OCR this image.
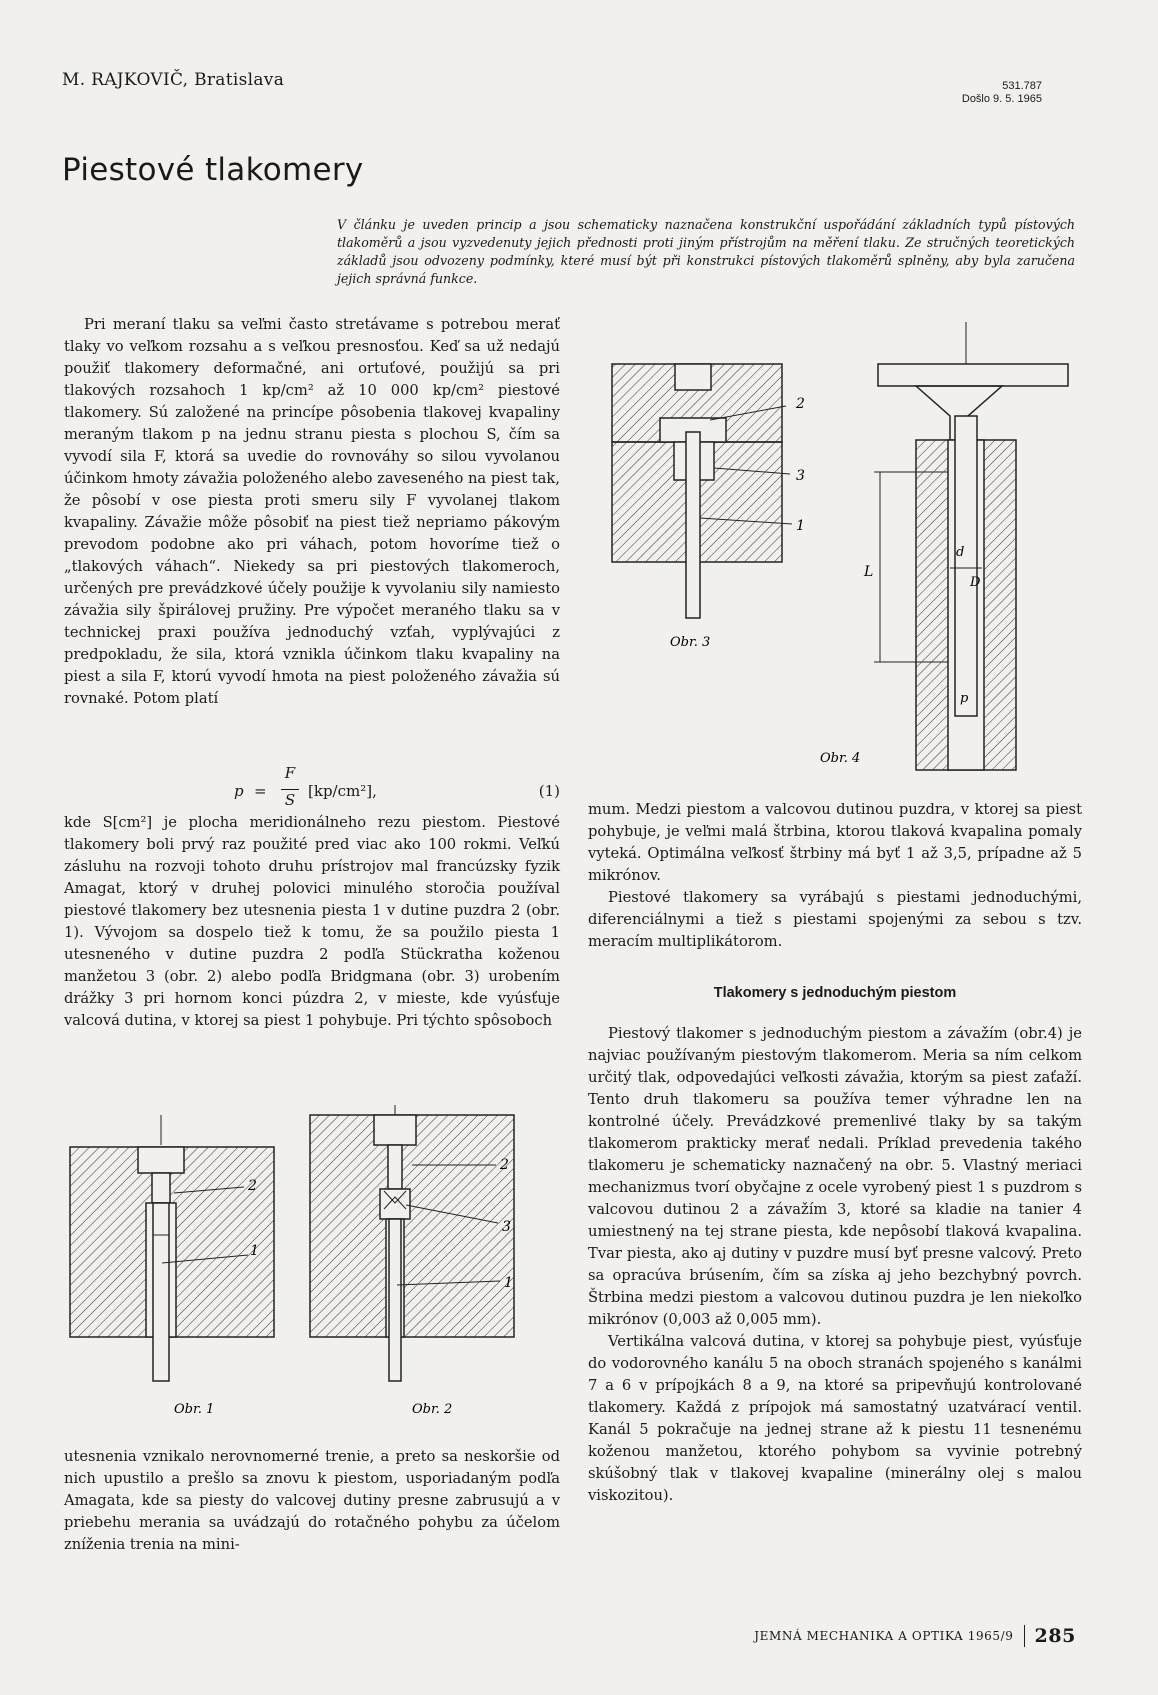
M. RAJKOVIČ, Bratislava	531.787
Došlo 9. 5. 1965
Piestové tlakomery
V článku je uveden princip a jsou schematicky naznačena konstrukční uspořádání základních typů pístových tlakoměrů a jsou vyzvedenuty jejich přednosti proti jiným přístrojům na měření tlaku. Ze stručných teoretických základů jsou odvozeny podmínky, které musí být při konstrukci pístových tlakoměrů splněny, aby byla zaručena jejich správná funkce.

Pri meraní tlaku sa veľmi často stretávame s potrebou merať tlaky vo veľkom rozsahu a s veľkou presnosťou. Keď sa už nedajú použiť tlakomery deformačné, ani ortuťové, použijú sa pri tlakových rozsahoch 1 kp/cm² až 10 000 kp/cm² piestové tlakomery. Sú založené na princípe pôsobenia tlakovej kvapaliny meraným tlakom p na jednu stranu piesta s plochou S, čím sa vyvodí sila F, ktorá sa uvedie do rovnováhy so silou vyvolanou účinkom hmoty závažia položeného alebo zaveseného na piest tak, že pôsobí v ose piesta proti smeru sily F vyvolanej tlakom kvapaliny. Závažie môže pôsobiť na piest tiež nepriamo pákovým prevodom podobne ako pri váhach, potom hovoríme tiež o „tlakových váhach“. Niekedy sa pri piestových tlakomeroch, určených pre prevádzkové účely použije k vyvolaniu sily namiesto závažia sily špirálovej pružiny. Pre výpočet meraného tlaku sa v technickej praxi používa jednoduchý vzťah, vyplývajúci z predpokladu, že sila, ktorá vznikla účinkom tlaku kvapaliny na piest a sila F, ktorú vyvodí hmota na piest položeného závažia sú rovnaké. Potom platí

p =
F
S [kp/cm²],	(1)

kde S[cm²] je plocha meridionálneho rezu piestom. Piestové tlakomery boli prvý raz použité pred viac ako 100 rokmi. Veľkú zásluhu na rozvoji tohoto druhu prístrojov mal francúzsky fyzik Amagat, ktorý v druhej polovici minulého storočia používal piestové tlakomery bez utesnenia piesta 1 v dutine puzdra 2 (obr. 1). Vývojom sa dospelo tiež k tomu, že sa použilo piesta 1 utesneného v dutine puzdra 2 podľa Stückratha koženou manžetou 3 (obr. 2) alebo podľa Bridgmana (obr. 3) urobením drážky 3 pri hornom konci púzdra 2, v mieste, kde vyúsťuje valcová dutina, v ktorej sa piest 1 pohybuje. Pri týchto spôsoboch

2
1
2
3
1
Obr. 1	Obr. 2

utesnenia vznikalo nerovnomerné trenie, a preto sa neskoršie od nich upustilo a prešlo sa znovu k piestom, usporiadaným podľa Amagata, kde sa piesty do valcovej dutiny presne zabrusujú a v priebehu merania sa uvádzajú do rotačného pohybu za účelom zníženia trenia na mini-

2
3
1
Obr. 3
L
d
D
p
Obr. 4

mum. Medzi piestom a valcovou dutinou puzdra, v ktorej sa piest pohybuje, je veľmi malá štrbina, ktorou tlaková kvapalina pomaly vyteká. Optimálna veľkosť štrbiny má byť 1 až 3,5, prípadne až 5 mikrónov.

Piestové tlakomery sa vyrábajú s piestami jednoduchými, diferenciálnymi a tiež s piestami spojenými za sebou s tzv. meracím multiplikátorom.

Tlakomery s jednoduchým piestom

Piestový tlakomer s jednoduchým piestom a závažím (obr.4) je najviac používaným piestovým tlakomerom. Meria sa ním celkom určitý tlak, odpovedajúci veľkosti závažia, ktorým sa piest zaťaží. Tento druh tlakomeru sa používa temer výhradne len na kontrolné účely. Prevádzkové premenlivé tlaky by sa takým tlakomerom prakticky merať nedali. Príklad prevedenia takého tlakomeru je schematicky naznačený na obr. 5. Vlastný meriaci mechanizmus tvorí obyčajne z ocele vyrobený piest 1 s puzdrom s valcovou dutinou 2 a závažím 3, ktoré sa kladie na tanier 4 umiestnený na tej strane piesta, kde nepôsobí tlaková kvapalina. Tvar piesta, ako aj dutiny v puzdre musí byť presne valcový. Preto sa opracúva brúsením, čím sa získa aj jeho bezchybný povrch. Štrbina medzi piestom a valcovou dutinou puzdra je len niekoľko mikrónov (0,003 až 0,005 mm).

Vertikálna valcová dutina, v ktorej sa pohybuje piest, vyúsťuje do vodorovného kanálu 5 na oboch stranách spojeného s kanálmi 7 a 6 v prípojkách 8 a 9, na ktoré sa pripevňujú kontrolované tlakomery. Každá z prípojok má samostatný uzatvárací ventil. Kanál 5 pokračuje na jednej strane až k piestu 11 tesnenému koženou manžetou, ktorého pohybom sa vyvinie potrebný skúšobný tlak v tlakovej kvapaline (minerálny olej s malou viskozitou).

JEMNÁ MECHANIKA A OPTIKA 1965/9 285
